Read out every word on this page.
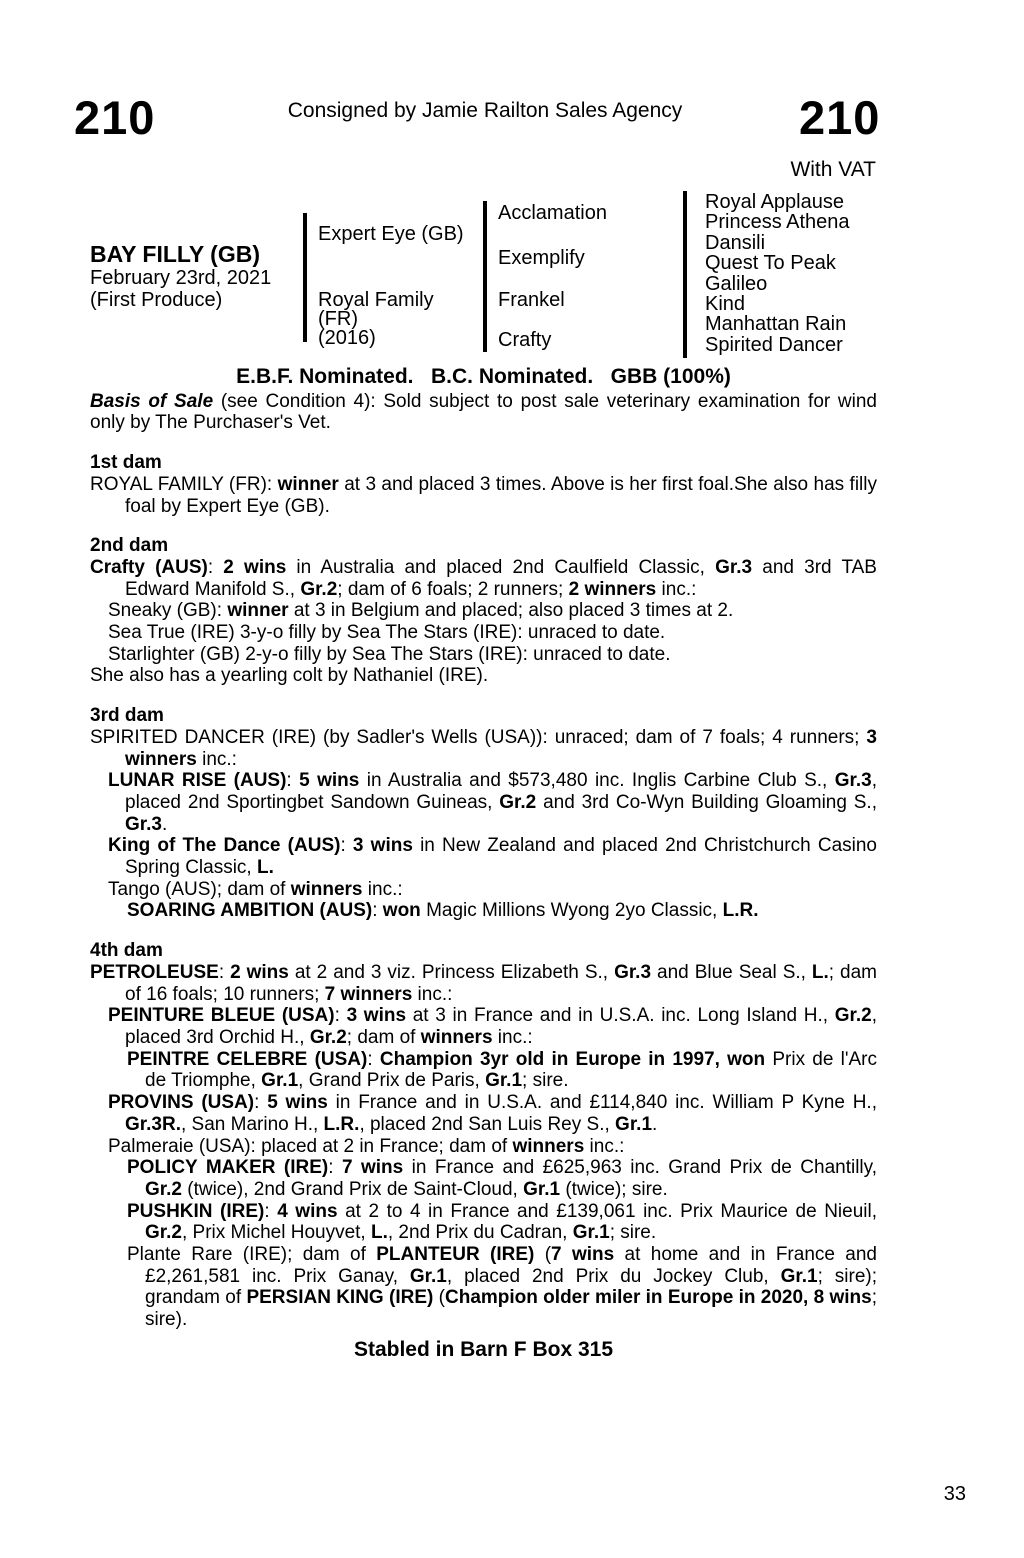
210	Consigned by Jamie Railton Sales Agency	210
With VAT
BAY FILLY (GB)
February 23rd, 2021
(First Produce)
Expert Eye (GB)
Royal Family
(FR)
(2016)
Acclamation
Exemplify
Frankel
Crafty
Royal Applause
Princess Athena
Dansili
Quest To Peak
Galileo
Kind
Manhattan Rain
Spirited Dancer
E.B.F. Nominated.   B.C. Nominated.   GBB (100%)

Basis of Sale (see Condition 4): Sold subject to post sale veterinary examination for wind only by The Purchaser's Vet.

1st dam

ROYAL FAMILY (FR): winner at 3 and placed 3 times. Above is her first foal.She also has filly foal by Expert Eye (GB).

2nd dam

Crafty (AUS): 2 wins in Australia and placed 2nd Caulfield Classic, Gr.3 and 3rd TAB Edward Manifold S., Gr.2; dam of 6 foals; 2 runners; 2 winners inc.:

Sneaky (GB): winner at 3 in Belgium and placed; also placed 3 times at 2.

Sea True (IRE) 3-y-o filly by Sea The Stars (IRE): unraced to date.

Starlighter (GB) 2-y-o filly by Sea The Stars (IRE): unraced to date.

She also has a yearling colt by Nathaniel (IRE).

3rd dam

SPIRITED DANCER (IRE) (by Sadler's Wells (USA)): unraced; dam of 7 foals; 4 runners; 3 winners inc.:

LUNAR RISE (AUS): 5 wins in Australia and $573,480 inc. Inglis Carbine Club S., Gr.3, placed 2nd Sportingbet Sandown Guineas, Gr.2 and 3rd Co-Wyn Building Gloaming S., Gr.3.

King of The Dance (AUS): 3 wins in New Zealand and placed 2nd Christchurch Casino Spring Classic, L.

Tango (AUS); dam of winners inc.:

SOARING AMBITION (AUS): won Magic Millions Wyong 2yo Classic, L.R.

4th dam

PETROLEUSE: 2 wins at 2 and 3 viz. Princess Elizabeth S., Gr.3 and Blue Seal S., L.; dam of 16 foals; 10 runners; 7 winners inc.:

PEINTURE BLEUE (USA): 3 wins at 3 in France and in U.S.A. inc. Long Island H., Gr.2, placed 3rd Orchid H., Gr.2; dam of winners inc.:

PEINTRE CELEBRE (USA): Champion 3yr old in Europe in 1997, won Prix de l'Arc de Triomphe, Gr.1, Grand Prix de Paris, Gr.1; sire.

PROVINS (USA): 5 wins in France and in U.S.A. and £114,840 inc. William P Kyne H., Gr.3R., San Marino H., L.R., placed 2nd San Luis Rey S., Gr.1.

Palmeraie (USA): placed at 2 in France; dam of winners inc.:

POLICY MAKER (IRE): 7 wins in France and £625,963 inc. Grand Prix de Chantilly, Gr.2 (twice), 2nd Grand Prix de Saint-Cloud, Gr.1 (twice); sire.

PUSHKIN (IRE): 4 wins at 2 to 4 in France and £139,061 inc. Prix Maurice de Nieuil, Gr.2, Prix Michel Houyvet, L., 2nd Prix du Cadran, Gr.1; sire.

Plante Rare (IRE); dam of PLANTEUR (IRE) (7 wins at home and in France and £2,261,581 inc. Prix Ganay, Gr.1, placed 2nd Prix du Jockey Club, Gr.1; sire); grandam of PERSIAN KING (IRE) (Champion older miler in Europe in 2020, 8 wins; sire).

Stabled in Barn F Box 315
33
